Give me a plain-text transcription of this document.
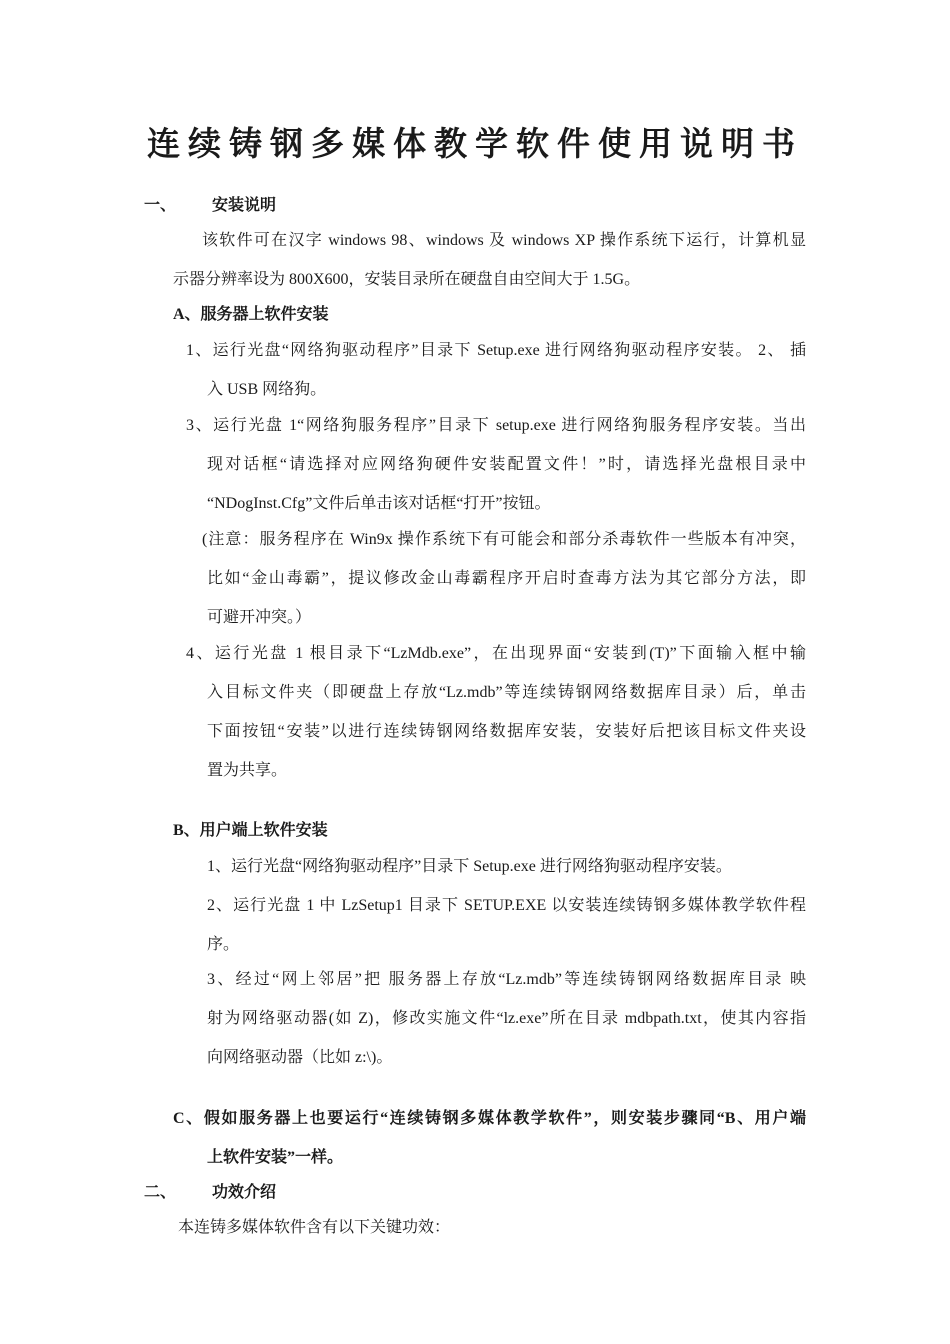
连续铸钢多媒体教学软件使用说明书
一、 安装说明
该软件可在汉字 windows 98、windows 及 windows XP 操作系统下运行，计算机显
示器分辨率设为 800X600，安装目录所在硬盘自由空间大于 1.5G。
A、服务器上软件安装
1、运行光盘“网络狗驱动程序”目录下 Setup.exe 进行网络狗驱动程序安装。 2、 插
入 USB 网络狗。
3、运行光盘 1“网络狗服务程序”目录下 setup.exe 进行网络狗服务程序安装。当出
现对话框“请选择对应网络狗硬件安装配置文件！”时，请选择光盘根目录中
“NDogInst.Cfg”文件后单击该对话框“打开”按钮。
(注意：服务程序在 Win9x 操作系统下有可能会和部分杀毒软件一些版本有冲突，
比如“金山毒霸”，提议修改金山毒霸程序开启时查毒方法为其它部分方法，即
可避开冲突。）
4、运行光盘 1 根目录下“LzMdb.exe”，在出现界面“安装到(T)”下面输入框中输
入目标文件夹（即硬盘上存放“Lz.mdb”等连续铸钢网络数据库目录）后，单击
下面按钮“安装”以进行连续铸钢网络数据库安装，安装好后把该目标文件夹设
置为共享。
B、用户端上软件安装
1、运行光盘“网络狗驱动程序”目录下 Setup.exe 进行网络狗驱动程序安装。
2、运行光盘 1 中 LzSetup1 目录下 SETUP.EXE 以安装连续铸钢多媒体教学软件程
序。
3、经过“网上邻居”把 服务器上存放“Lz.mdb”等连续铸钢网络数据库目录 映
射为网络驱动器(如 Z)，修改实施文件“lz.exe”所在目录 mdbpath.txt，使其内容指
向网络驱动器（比如 z:\)。
C、假如服务器上也要运行“连续铸钢多媒体教学软件”，则安装步骤同“B、用户端
上软件安装”一样。
二、 功效介绍
本连铸多媒体软件含有以下关键功效：
